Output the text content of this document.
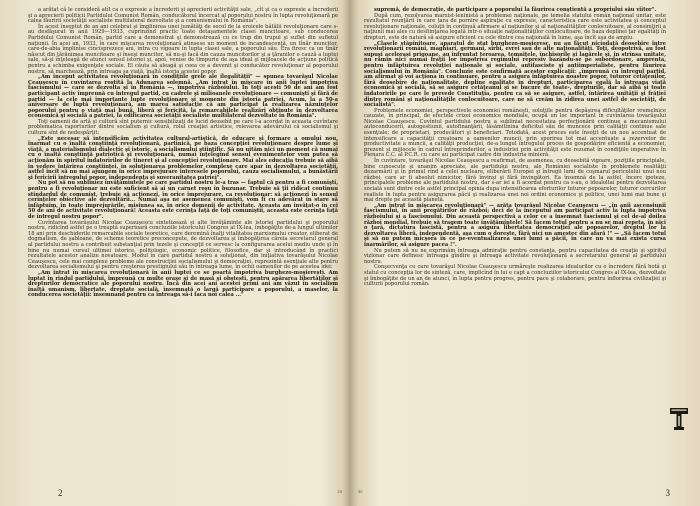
a arătat că le consideră atît ca o expresie a încrederii şi aprecierii activităţii sale, „cît şi ca o expresie a încrederii şi a aprecierii politicii Partidului Comunist Român, conducătorul încercat al poporului nostru în lupta revoluţionară pe calea făuririi societăţii socialiste multilateral dezvoltate şi a comunismului în România".

În acest înseptut de an ani celebrat şi împlinirea unei jumătăţi de secol de la eroicele bătălii revoluţionare care s-au desfăşurat în anii 1929—1933, cuprinzînd practic toate detaşamentele clasei muncitoare, sub conducerea Partidului Comunist Român, partid care a demonstrat şi demonstrează cu ce trup din trupul şi suflet din sufletul naţiunii. În acei an, 1933, în care mişcarea revoluţionară atinsese un moment de incandescenţă, un tînăr muncitor, care-de-abia împlinise cincisprezece ani, intra cu vigoare în lupta clasei sale, a poporului său. Era firesc ca un tînăr născut din ţărănimea muncitoare şi înseşi muncitor, să nu-şi facă din cauza muncitorilor şi a ţăranilor o cauză a luptei sale, să-şi înţeleagă de atunci sensul istoriei şi, apoi, venise de timpuriu de aşa ideal şi mijloacele de acţiune politică pentru a schimba exigenţele sociale. El căuta să aleagă şi ceea ce a devenit şi conducător revoluţionar al poporului nostru, să marchează, prin întreaga sa viaţă, înaltă istoria acestei popor.

„Am început activitatea revoluţionară în condiţiile grele ale ilegalităţii" — spunea tovarăşul Nicolae Ceauşescu în cuvîntarea rostită la Adunarea solemnă. „Am intrat în mişcare în anii luptei împotriva fascismului — care se dezvolta şi în România —, împotriva războiului. În toţi acesti 50 de ani am fost participant activ împreună cu întregul partid, cu cadrele şi milioanele revoluţionare — comunişti şi fără de partid — la cele mai importante lupte revoluţionare şi momente din istoria patriei. Acum, la a 50-a aniversare de luptă revoluţionară, am marea satisfacţie că am participat la realizarea năzuinţelor poporului pentru o viaţă mai bună, liberă şi fericită, la remarcabilele realizări obţinute în dezvoltarea economică şi socială a patriei, la edificarea societăţii socialiste multilateral dezvoltate în România".

Toţi oamenii de artă şi cultură sînt puternic sensibilizaţi de lucid deosebit pe care l-a acordat în aceasta cuvîntare problematica raporturilor dintre socialism şi cultură, rolul creaţiei artistice, relevarea adevărului că socialismul şi cultura sînt de nedespărţit:

„Este necesar să intensificăm activitatea cultural-artistică, de educare şi formare a omului nou, înarmat cu o înaltă conştiinţă revoluţionară, partinică, pe baza concepţiei revoluţionare despre lume şi viaţă, a materialismului dialectic şi istoric, a socialismului ştiinţific. Să nu uităm nici un moment că numai cu o înaltă conştiinţă patriotică şi revoluţionară, numai înţelegînd sensul evenimentelor vom putea să acţionăm în spiritul îndatoririlor de tineret şi al concepţiei revoluţionare. Mai ales educaţia trebuie să aibă în vedere întărirea conştiinţei, în soluţionarea problemelor complexe care apar în dezvoltarea societăţii, astfel încît să nu mai ajungem în orice împrejurare interesele poporului, cauza socialismului, a bunăstării şi fericirii întregului popor, independenţa şi suveranitatea patriei".

Nu pot să nu subliniez învăţămintele pe care partidul nostru le-a tras — faptul că pentru a fi comunişti, pentru a fi revoluţionar nu este suficient să ai un carnet roşu în buzunar. Trebuie să ţii ridicat continuu stindardul de comunist, trebuie să acţionezi, în orice împrejurare, ca revoluţionar: să acţionezi în sensul cerinţelor obiective ale dezvoltării... Numai aşa ne asemenea comunişti, vom fi cu adevărat în stare să înfăptuim, în toate împrejurările, misiunea sa, în orice domenii de activitate. Aceasta am învăţat-o în cei 50 de ani de activitate revoluţionară! Aceasta este cerinţa faţă de toţi comuniştii, aceasta este cerinţa faţă de întregul nostru popor".

Cuvîntarea tovarăşului Nicolae Ceauşescu sintetizează şi alte învăţăminte ale istoriei partidului şi poporului nostru, ridicînd astfel pe o treaptă superioară concluziile istoricului Congres al IX-lea, îmbogăţite de-a lungul ultimilor 18 ani prin deschiderile remarcabile sociale teoretice, care deremină înalţi vitalitatea marxismului creator, eliberat de dogmatism, de şabloane, de scheme teoretice preconcepute, de dezvoltarea şi îmbogăţirea căreia secretarul general al partidului nostru a contribuit substanţial prin tezele şi concepţii ce servesc la configurarea acelui mediu unde şi în bine nu numai cursul ultimei istorice, politologic, economic politice, filosofice, dar şi introducând în practici rezultatele acestor analize novatoare. Modul în care partidul nostru a soluţionat, din iniţiativa tovarăşului Nicolae Ceauşescu, cele mai complexe probleme ale construcţiei socialismului şi democraţiei, reprezintă esenţiale alte pentru dezvoltarea socialismului şi pentru creşterea prestigiului său în întreaga lume, în ochii oamenilor de pe acestea idei:

„Am intrat în mişcarea revoluţionară în anii luptei ce se poartă împotriva burghezo-moşierești. Am luptat în rîndul partidului, împreună cu multe oraşe şi de masă şi obştesti, pentru apărarea libertăţilor şi drepturilor democratice ale poporului nostru. Încă din acei ani acestei primi ani am văzut în socialism înaltă umanism, libertate, dreptate socială, însemnată o largă participare a poporului, a maselor, la conducerea societăţii: însemnand pentru ca întreaga să-i faca noi calea ..."

29
2

supremă, de democraţie, de participare a poporului la făurirea conştientă a propriului său viitor".

După cum, rezolvarea marxist-leninistă a problemei naţionale, pe temelia statului român naţional unitar, este rezultatul reunţării în care țara de pornire aspiraţie cu expresie, caracteristica care este activitatea şi conceptul revoluţionare naţionale, coluţii în continuă afirmare al naţiunilor şi al naţionalităţilor conlocuitoare, al consimţirii a naţiunii mai ales cu desfiinţarea legată într-o situaţie naţionalităţilor conlocuitoare, de baza deplinei ţar egalităţi în drepturi, este de natură să asigure eficient cu cele dintre cea naţională în lume, aşa încît aşa de ampiu.

„Clasele stăpînitoare, aparatul de stat burghezo-moşieresc, nu au făcut niciodată deosebire între revoluţionarii români, maghiari, germani, sîrbi, evrei sau de alte naţionalităţi. Toţi, deopotrivă, au fost supuşi acelorași prigoane, au înfruntat teroarea, temniţele, închisorile şi lagărele şi, în strînsa unitate, nu rămîn nici numai fraţii lor împotriva regimului represiv bazându-se pe subordonare, amprenta, pentru înfăptuirea revoluţiei naţionale şi sociale, antifasciste şi antiimperialiste, pentru făurirea socialismului în România". Concluzie este confirmată acestor explicaţii: „împreună cu întregul partid, am afirmat şi voi acţiona in continuare, pentru a asigura înfăptuirea noastre popor, tuturor cetăţenilor, fără deosebire de naţionalitate, depline egalitate în drepturi, participarea egală la întreaga viaţă economică şi socială, să se asigure cetăţeanul şi se bucure de toate-, drepturile, dar să aibă şi toate îndatoririle pe care le prevede Constituţia, pentru ca să se asigure, astfel, întărirea unităţii şi frăţiei dintre români şi naţionalităţile conlocuitoare, care ne să creăm în zidirea unei astfel de societăţi, de socialistă".

Problemele economiei, perspectivele economiei româneşti, soluţiile pentru depăşirea dificultăţilor vremelnice cauzate, în principal, de efectele crizei economice mondiale, ocupă un loc important în cuvîntarea tovarăşului Nicolae Ceauşescu. Cuvîntul partidului nostru a subliniat necesitatea perfecţionării continue a mecanismului autoconducerii, autogestiunii, autofinanţării, lăsămitînina deficitul său de muncece prin calităţii continue sale esenţiale; de proprietari, producători şi beneficiari. Totodată, acest proces este însoţit de un nou accentuat de intensificare a capacităţii creatoare a oamenilor muncii, prin sporirea tot mai accentuate a rezervelor de productivitate a muncii, a calităţii producţiei, de-a lungul întregului proces de gospodărire eficientă a economiei, prezent și mijlocele în cadrul întreprinderilor, a industriei prin activităţii este rezumat în condiţiile imperative în Plenara C.C. al P.C.R. cu care au participat cadre din industria minieră.

În cuvîntare, tovarăşul Nicolae Ceauşescu a reafirmat, de asemenea, cu deosebită vigoare, poziţiile principiale, bine cunoscute şi unanim apreciate, ale partidului nostru, ale României socialiste în problemele realităţii dezarmării şi în primul rînd a celei nucleare, eliberării Europei şi întregii lumi de coşmarul pericolului unui nou război, care ar fi absolut nimicitor, fără învinşi şi fără învingători. Ea însemnă de la astfel, încerc ipoteze, principalele probleme ale partidului nostru, dar s-ar iei a fi acordat pentru ca s-au, o idealoltai pentru dezvoltarea socială sunt dintre cele astfel principal opinia dupa intensificarea eforturilor tuturor popoarelor, tuturor cercurilor realiste în lupta pentru asigurarea păcii şi realizarea unei noi ordini economice şi politice, unei lumi mai bune şi mai drepte pe această planetă.

„Am intrat în mişcarea revoluţionară" — arăta tovarăşul Nicolae Ceauşescu — „în anii ascensiunii fascismului, în anii pregătirilor de război; deci de la începutul am participat activ la lupta împotriva războiului şi a fascismului. Din această perspectivă a celor ce a însemnat fascismul şi cel de-al doilea război mondial, trebuie să tragem toate învăţămintele! Să facem totul pentru a nu se mai repeta, în nici o ţară, dictatura fascistă, pentru a asigura libertatea democraţiei ale popoarelor, dreptul lor la dezvoltarea liberă, independentă, aşa cum o doreşte, fără nici un amestec din afară !" — „Să facem totul şi să nu putem micşora în ce pe-eventualizarea unei lumi a păcii, în care nu va mai exista cursa înarmărilor, să asigure pacea !".

Nu putem să nu ne exprimăm întreaga admiraţie pentru constanţa, pentru capacitatea de creaţie şi spiritul vizionar care definesc întreaga gîndire şi întreaga activitate revoluţionară a secretarului general al partidului nostru.

Conşecvenţa cu care tovarăşul Nicolae Ceauşescu urmăreşte realizarea idealurilor cu o încredere fără hotă şi statul cu concepţia lor de sinteză, care, implicînd în lui e capt a concluziilor istoricului Congres al IX-lea, dezvoltate şi îmbogăţite de un an de atunci, în lupta pentru progres, pentru pace şi colaborare, pentru înflorirea civilizaţiei şi culturii poporului român.

30	3
